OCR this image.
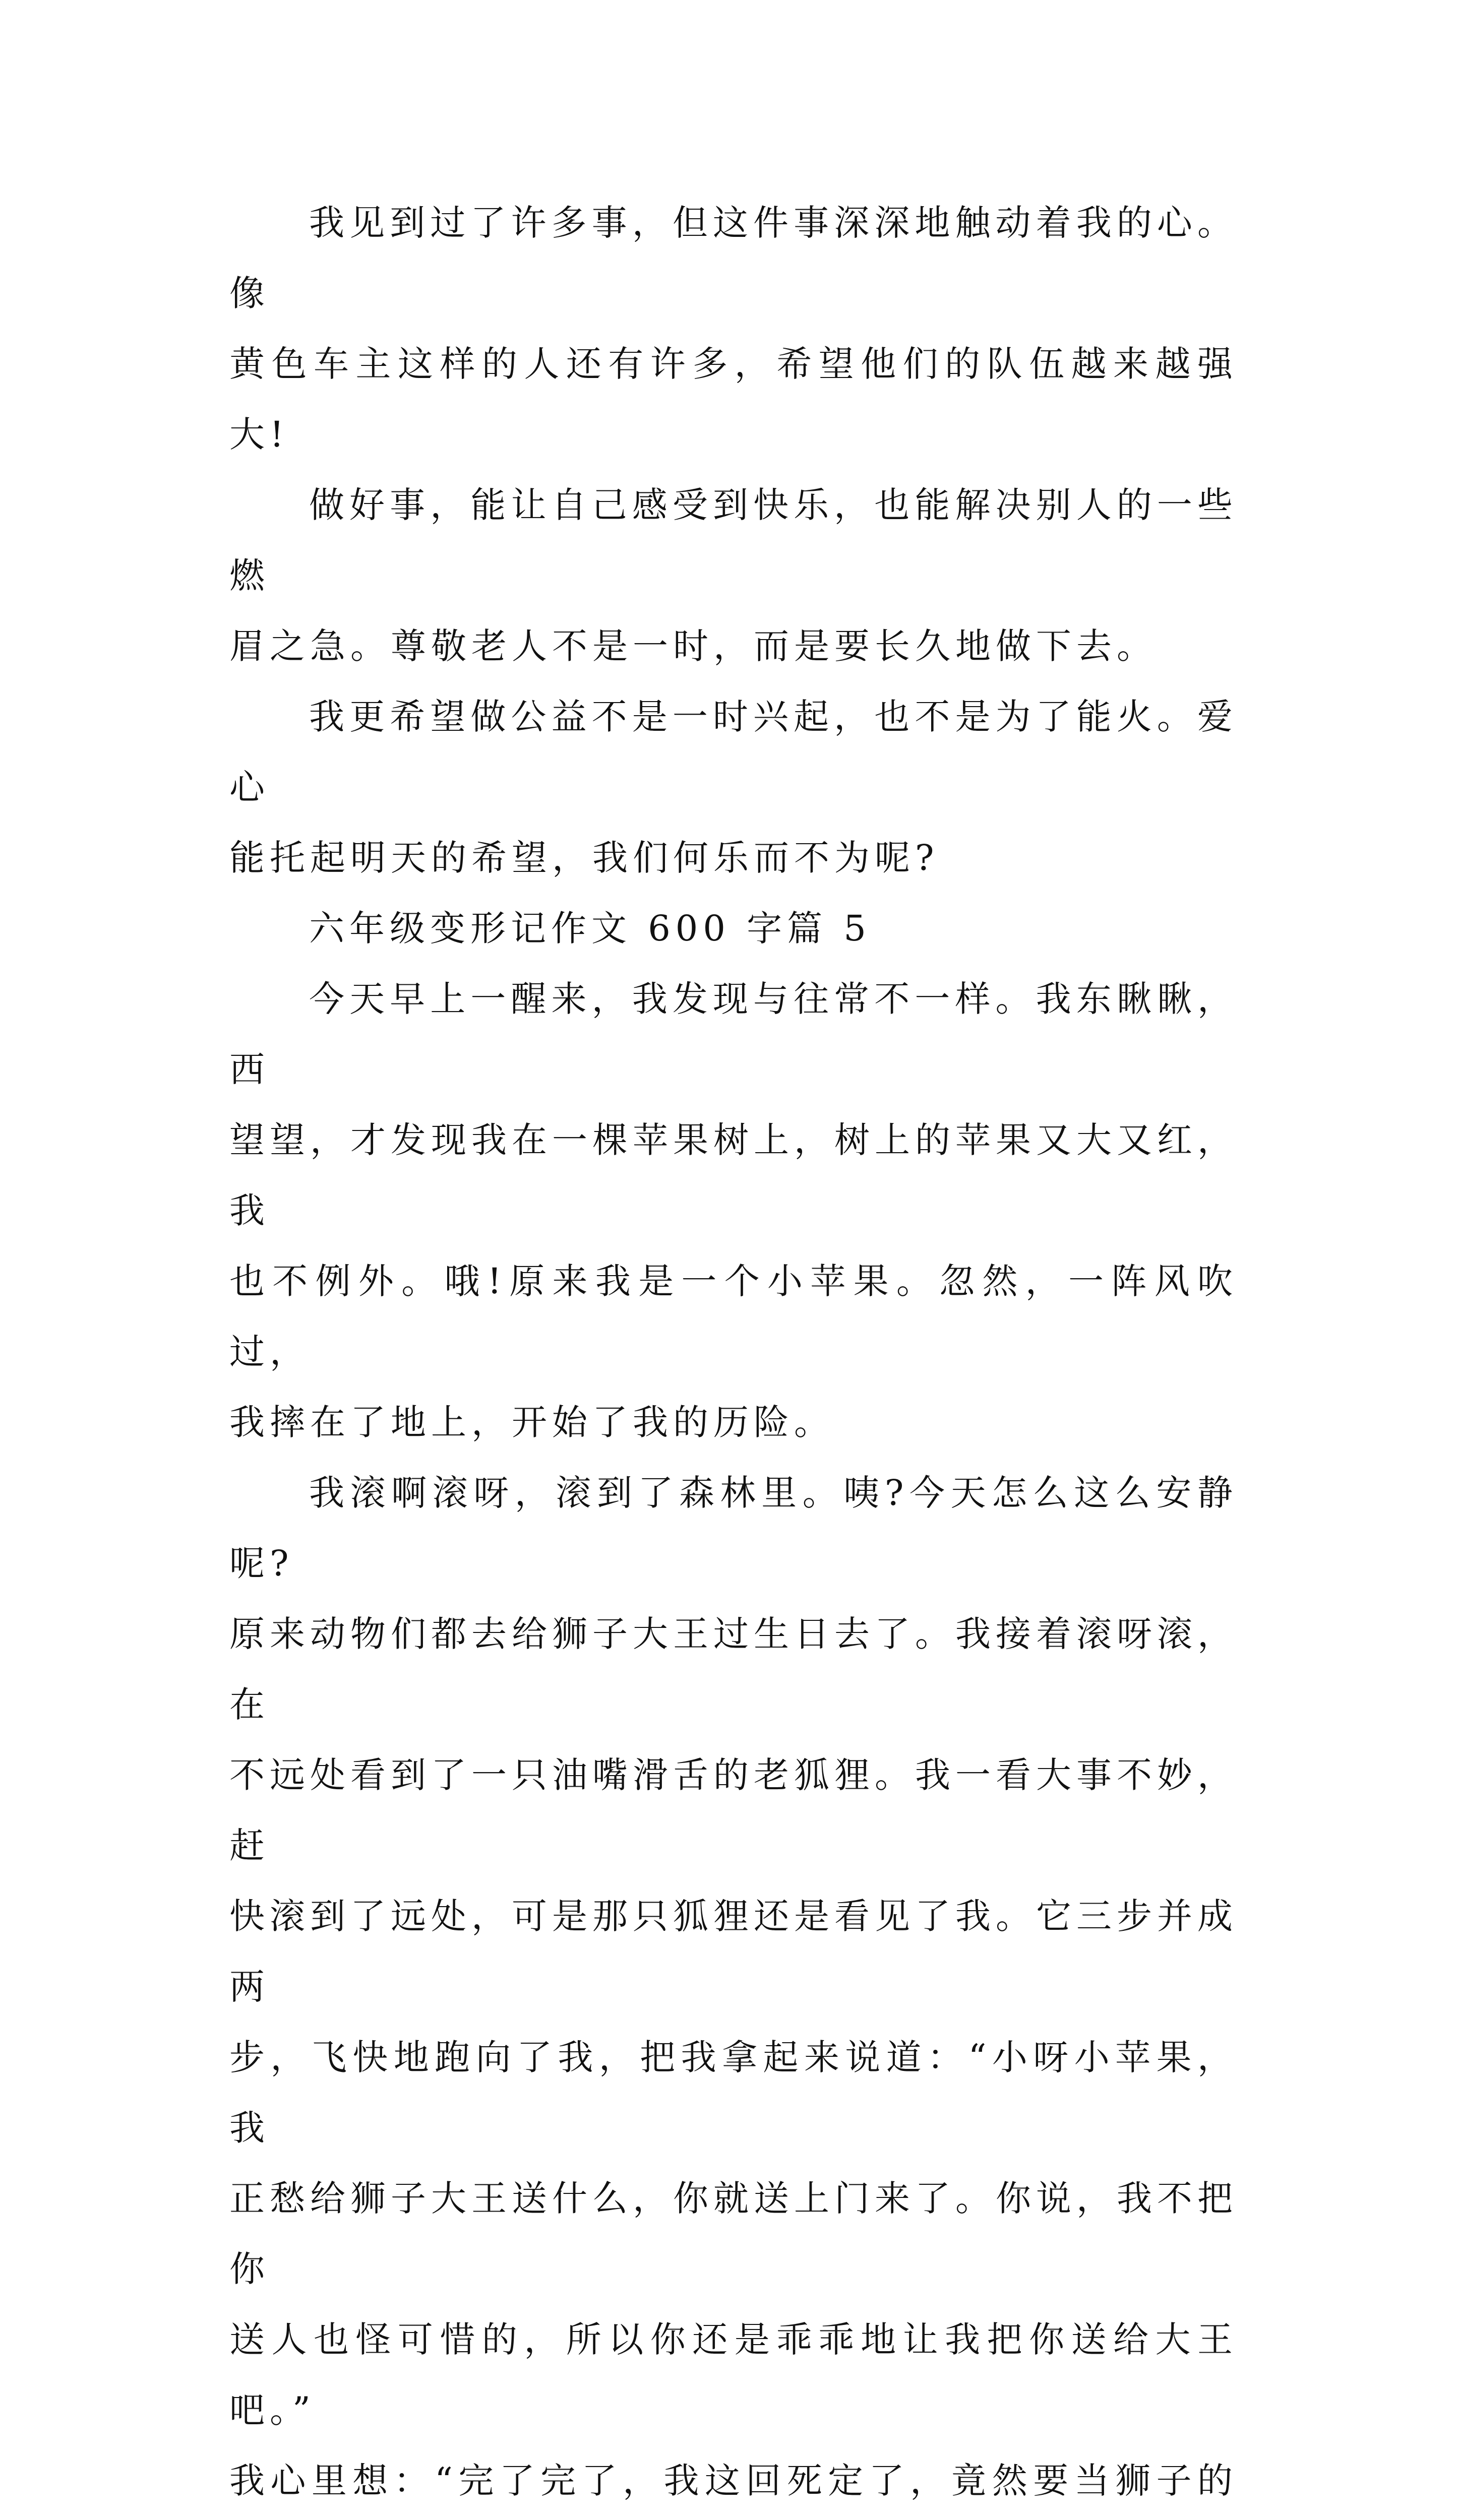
我见到过了许多事，但这件事深深地触动着我的心。像
黄色车主这样的人还有许多，希望他们的队伍越来越强大!

做好事，能让自己感受到快乐，也能解决别人的一些燃
眉之急。尊敬老人不是一时，而是要长久地做下去。

我更希望做公益不是一时兴起，也不是为了能火。爱心
能托起明天的希望，我们何乐而不为呢?

六年级变形记作文 600 字篇 5

今天早上一醒来，我发现与往常不一样。我东瞅瞅，西
望望，才发现我在一棵苹果树上，树上的苹果又大又红，我
也不例外。哦!原来我是一个小苹果。忽然，一阵风吹过，
我摔在了地上，开始了我的历险。

我滚啊滚呀，滚到了森林里。咦?今天怎么这么安静呢?
原来动物们都去给狮子大王过生日去了。我接着滚呀滚，在
不远处看到了一只油嘴滑舌的老狐狸。我一看大事不妙，赶
快滚到了远处，可是那只狐狸还是看见了我。它三步并成两
步，飞快地跑向了我，把我拿起来说道：“小呀小苹果，我
正愁给狮子大王送什么，你就送上门来了。你说，我不把你
送人也怪可惜的，所以你还是乖乖地让我把你送给大王吧。”
我心里想：“完了完了，我这回死定了，竟然要当狮子的
